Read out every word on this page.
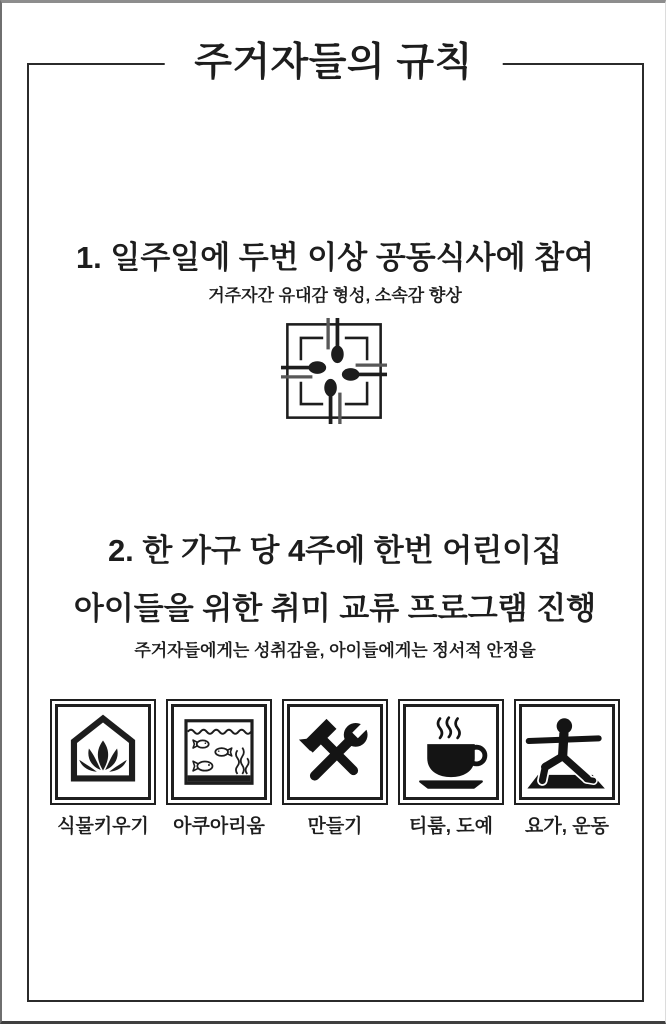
주거자들의 규칙
1. 일주일에 두번 이상 공동식사에 참여
거주자간 유대감 형성, 소속감 향상
2. 한 가구 당 4주에 한번 어린이집
아이들을 위한 취미 교류 프로그램 진행
주거자들에게는 성취감을, 아이들에게는 정서적 안정을
식물키우기 아쿠아리움 만들기 티룸, 도예 요가, 운동
